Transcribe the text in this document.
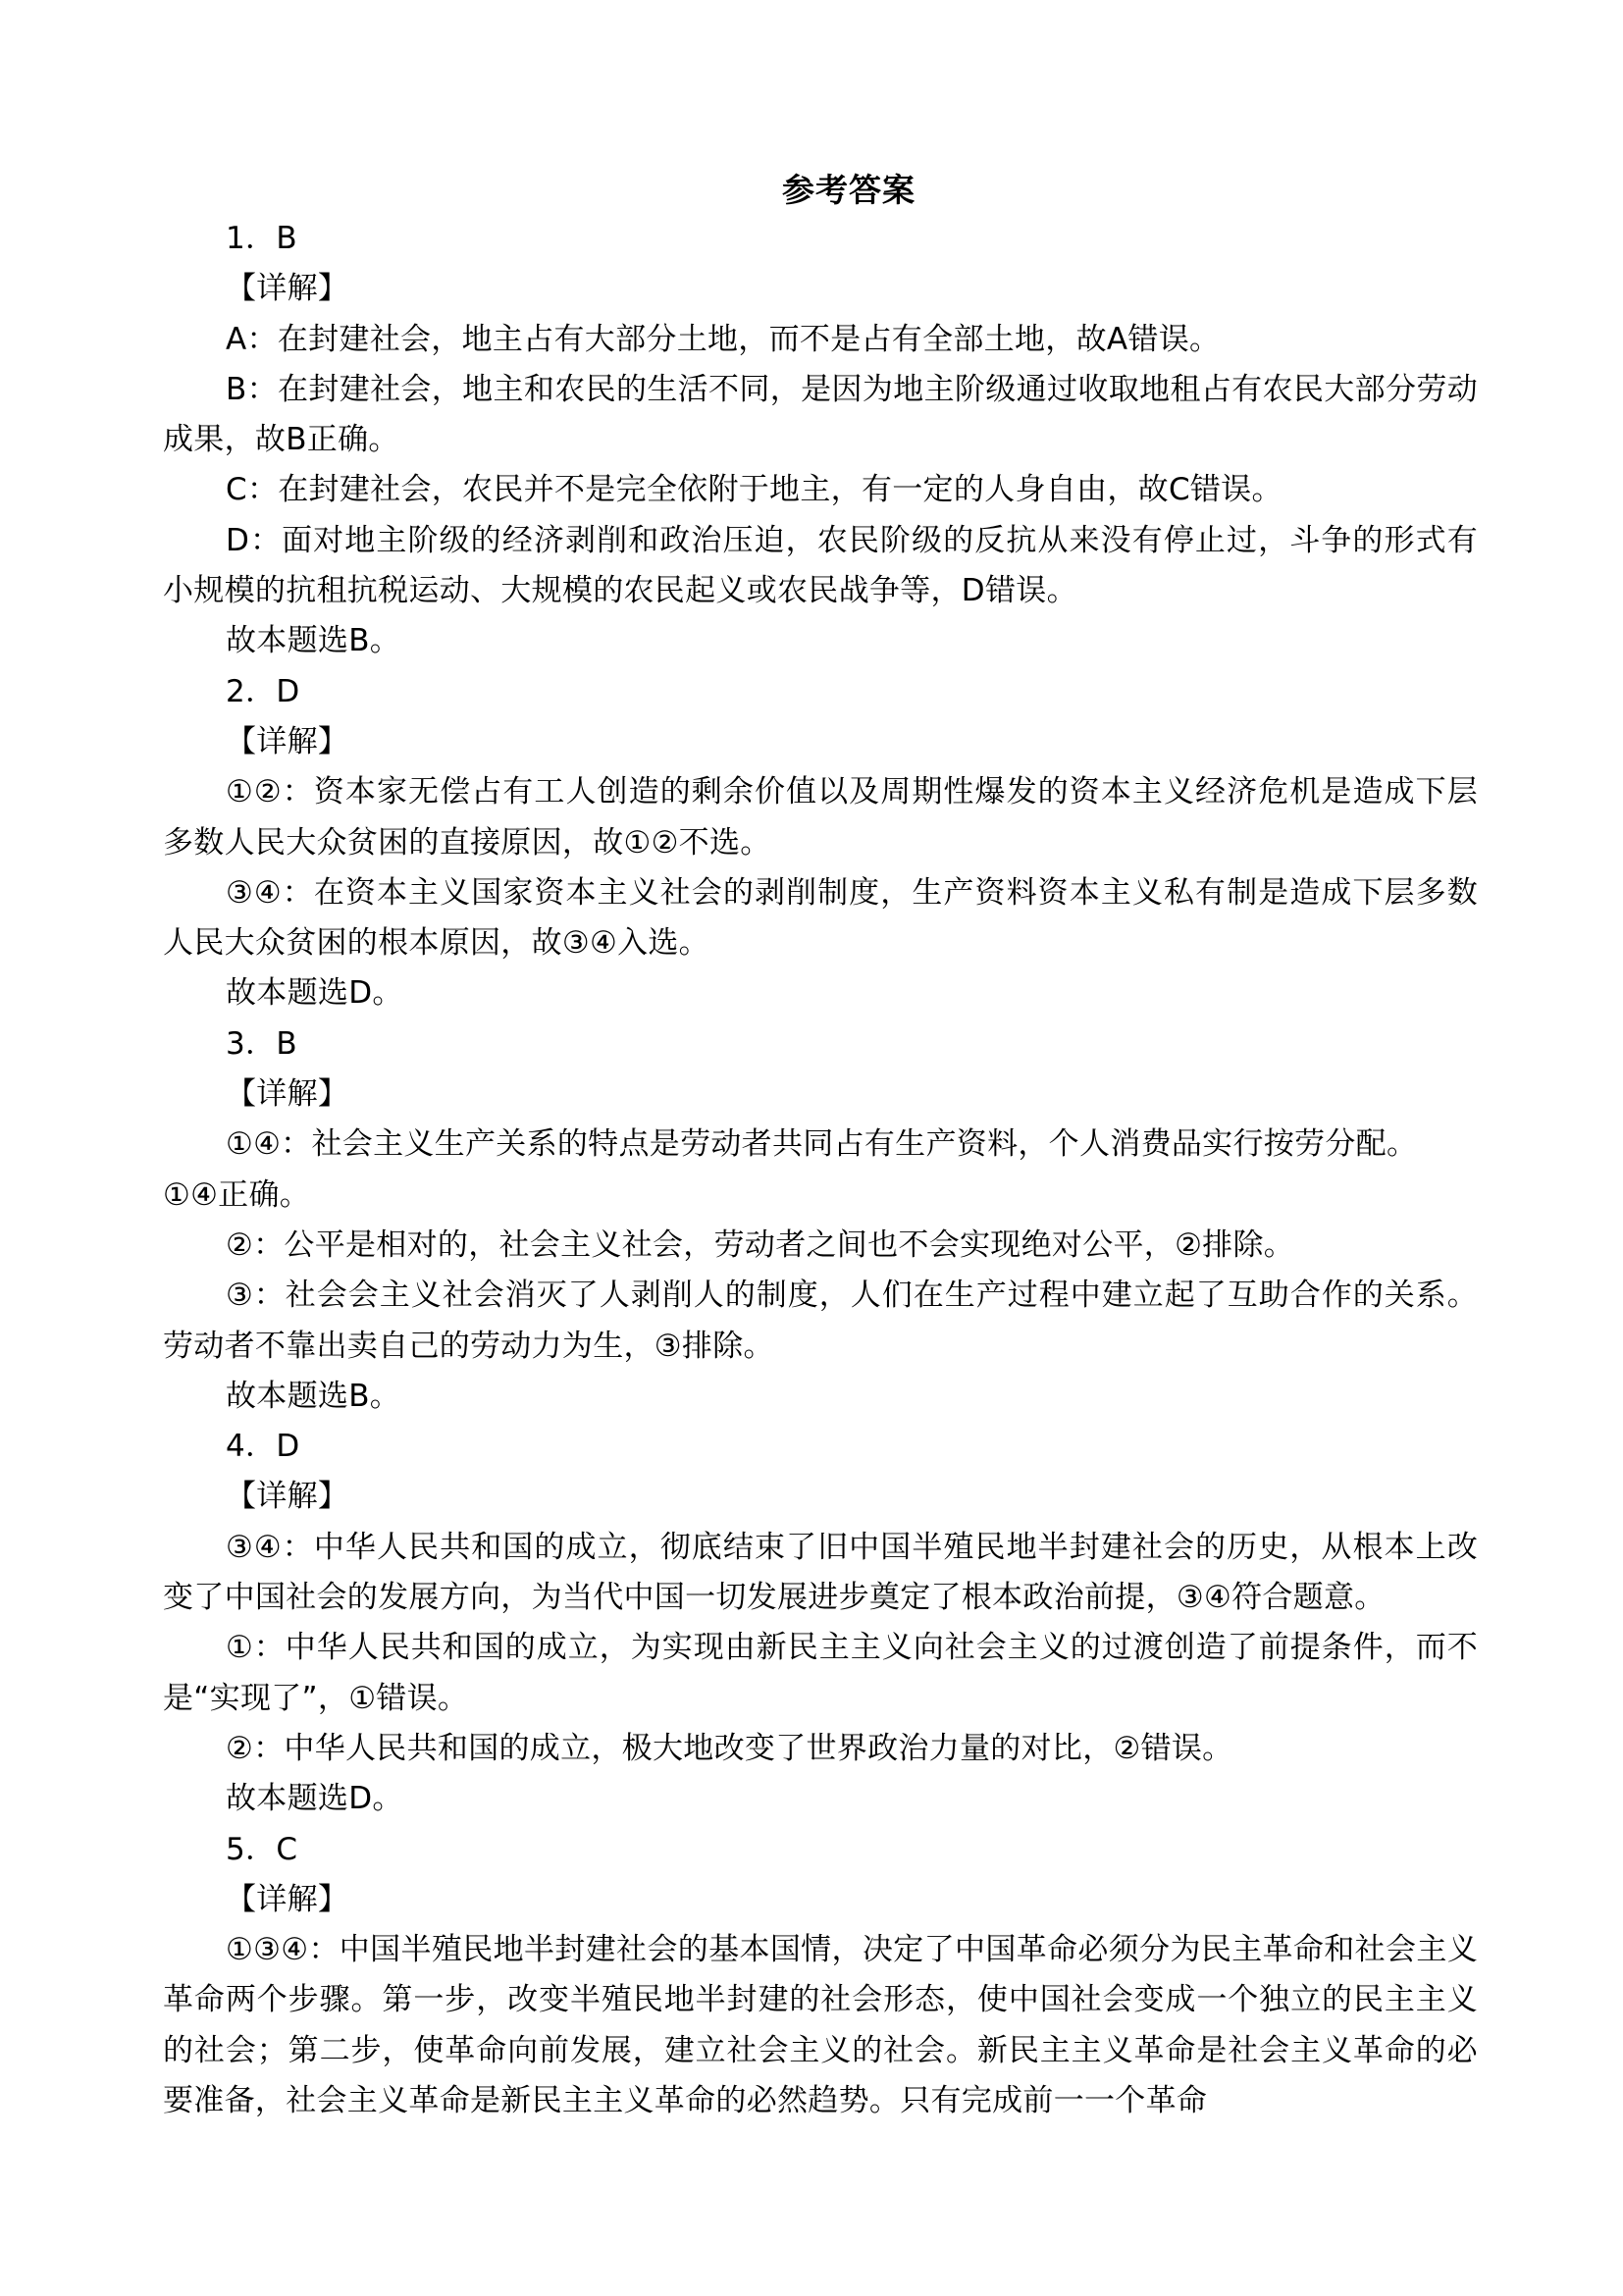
参考答案

1．B

【详解】

A：在封建社会，地主占有大部分土地，而不是占有全部土地，故A错误。

B：在封建社会，地主和农民的生活不同，是因为地主阶级通过收取地租占有农民大部分劳动成果，故B正确。

C：在封建社会，农民并不是完全依附于地主，有一定的人身自由，故C错误。

D：面对地主阶级的经济剥削和政治压迫，农民阶级的反抗从来没有停止过，斗争的形式有小规模的抗租抗税运动、大规模的农民起义或农民战争等，D错误。

故本题选B。

2．D

【详解】

①②：资本家无偿占有工人创造的剩余价值以及周期性爆发的资本主义经济危机是造成下层多数人民大众贫困的直接原因，故①②不选。

③④：在资本主义国家资本主义社会的剥削制度，生产资料资本主义私有制是造成下层多数人民大众贫困的根本原因，故③④入选。

故本题选D。

3．B

【详解】

①④：社会主义生产关系的特点是劳动者共同占有生产资料，个人消费品实行按劳分配。

①④正确。

②：公平是相对的，社会主义社会，劳动者之间也不会实现绝对公平，②排除。

③：社会会主义社会消灭了人剥削人的制度，人们在生产过程中建立起了互助合作的关系。劳动者不靠出卖自己的劳动力为生，③排除。

故本题选B。

4．D

【详解】

③④：中华人民共和国的成立，彻底结束了旧中国半殖民地半封建社会的历史，从根本上改变了中国社会的发展方向，为当代中国一切发展进步奠定了根本政治前提，③④符合题意。

①：中华人民共和国的成立，为实现由新民主主义向社会主义的过渡创造了前提条件，而不是“实现了”，①错误。

②：中华人民共和国的成立，极大地改变了世界政治力量的对比，②错误。

故本题选D。

5．C

【详解】

①③④：中国半殖民地半封建社会的基本国情，决定了中国革命必须分为民主革命和社会主义革命两个步骤。第一步，改变半殖民地半封建的社会形态，使中国社会变成一个独立的民主主义的社会；第二步，使革命向前发展，建立社会主义的社会。新民主主义革命是社会主义革命的必要准备，社会主义革命是新民主主义革命的必然趋势。只有完成前一一个革命
